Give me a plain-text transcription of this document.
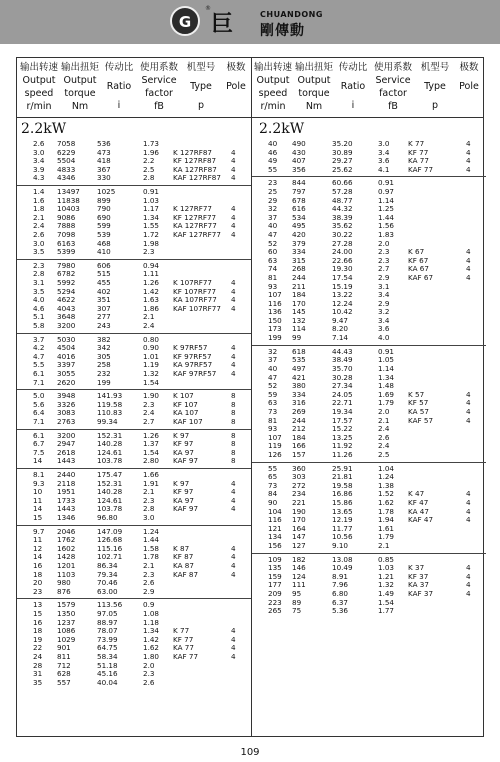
G
®
巨	CHUANDONG
剛傳動
输出转速
Output
speed
r/min
输出扭矩
Output
torque
Nm
传动比
Ratio
i
使用系数
Service
factor
fB
机型号
Type
p
极数
Pole
输出转速
Output
speed
r/min
输出扭矩
Output
torque
Nm
传动比
Ratio
i
使用系数
Service
factor
fB
机型号
Type
p
极数
Pole
2.2kW	2.2kW
2.6 7058	536	1.73
3.0 6229	473	1.96 K 127RF87	4
3.4 5504	418	2.2	KF 127RF87 4
3.9 4833	367	2.5	KA 127RF87 4
4.3 4346	330	2.8	KAF 127RF87 4
1.4 13497 1025	0.91
1.6 11838 899	1.03
1.8 10403 790	1.17 K 127RF77	4
2.1 9086	690	1.34 KF 127RF77 4
2.4 7888	599	1.55 KA 127RF77 4
2.6 7098	539	1.72 KAF 127RF77 4
3.0 6163	468	1.98
3.5 5399	410	2.3
2.3 7980	606	0.94
2.8 6782	515	1.11
3.1 5992	455	1.26 K 107RF77	4
3.5 5294	402	1.42 KF 107RF77 4
4.0 4622	351	1.63 KA 107RF77 4
4.6 4043	307	1.86 KAF 107RF77 4
5.1 3648	277	2.1
5.8 3200	243	2.4
3.7 5030	382	0.80
4.2 4504	342	0.90 K 97RF57	4
4.7 4016	305	1.01 KF 97RF57	4
5.5 3397	258	1.19 KA 97RF57	4
6.1 3055	232	1.32 KAF 97RF57 4
7.1 2620	199	1.54
5.0 3948	141.93	1.90 K 107	8
5.6 3326	119.58	2.3	KF 107	8
6.4 3083	110.83	2.4	KA 107	8
7.1 2763	99.34	2.7	KAF 107	8
6.1 3200	152.31	1.26 K 97	8
6.7 2947	140.28	1.37 KF 97	8
7.5 2618	124.61	1.54 KA 97	8
14 1443	103.78	2.80 KAF 97	8
8.1 2440	175.47	1.66
9.3 2118	152.31	1.91 K 97	4
10 1951	140.28	2.1	KF 97	4
11 1733	124.61	2.3	KA 97	4
14 1443	103.78	2.8	KAF 97	4
15 1346	96.80	3.0
9.7 2046	147.09	1.24
11 1762	126.68	1.44
12 1602	115.16	1.58 K 87	4
14 1428	102.71	1.78 KF 87	4
16 1201	86.34	2.1	KA 87	4
18 1103	79.34	2.3	KAF 87	4
20 980	70.46	2.6
23 876	63.00	2.9
13 1579	113.56	0.9
15 1350	97.05	1.08
16 1237	88.97	1.18
18 1086	78.07	1.34 K 77	4
19 1029	73.99	1.42 KF 77	4
22 901	64.75	1.62 KA 77	4
24 811	58.34	1.80 KAF 77	4
28 712	51.18	2.0
31 628	45.16	2.3
35 557	40.04	2.6
40 490	35.20	3.0	K 77	4
46 430	30.89	3.4	KF 77	4
49 407	29.27	3.6	KA 77	4
55 356	25.62	4.1	KAF 77	4
23 844	60.66	0.91
25 797	57.28	0.97
29 678	48.77	1.14
32 616	44.32	1.25
37 534	38.39	1.44
40 495	35.62	1.56
47 420	30.22	1.83
52 379	27.28	2.0
60 334	24.00	2.3	K 67	4
63 315	22.66	2.3	KF 67	4
74 268	19.30	2.7	KA 67	4
81 244	17.54	2.9	KAF 67	4
93 211	15.19	3.1
107 184	13.22	3.4
116 170	12.24	2.9
136 145	10.42	3.2
150 132	9.47	3.4
173 114	8.20	3.6
199 99	7.14	4.0
32 618	44.43	0.91
37 535	38.49	1.05
40 497	35.70	1.14
47 421	30.28	1.34
52 380	27.34	1.48
59 334	24.05	1.69 K 57	4
63 316	22.71	1.79 KF 57	4
73 269	19.34	2.0	KA 57	4
81 244	17.57	2.1	KAF 57	4
93 212	15.22	2.4
107 184	13.25	2.6
119 166	11.92	2.4
126 157	11.26	2.5
55 360	25.91	1.04
65 303	21.81	1.24
73 272	19.58	1.38
84 234	16.86	1.52 K 47	4
90 221	15.86	1.62 KF 47	4
104 190	13.65	1.78 KA 47	4
116 170	12.19	1.94 KAF 47	4
121 164	11.77	1.61
134 147	10.56	1.79
156 127	9.10	2.1
109 182	13.08	0.85
135 146	10.49	1.03 K 37	4
159 124	8.91	1.21 KF 37	4
177 111	7.96	1.32 KA 37	4
209 95	6.80	1.49 KAF 37	4
223 89	6.37	1.54
265 75	5.36	1.77
109
